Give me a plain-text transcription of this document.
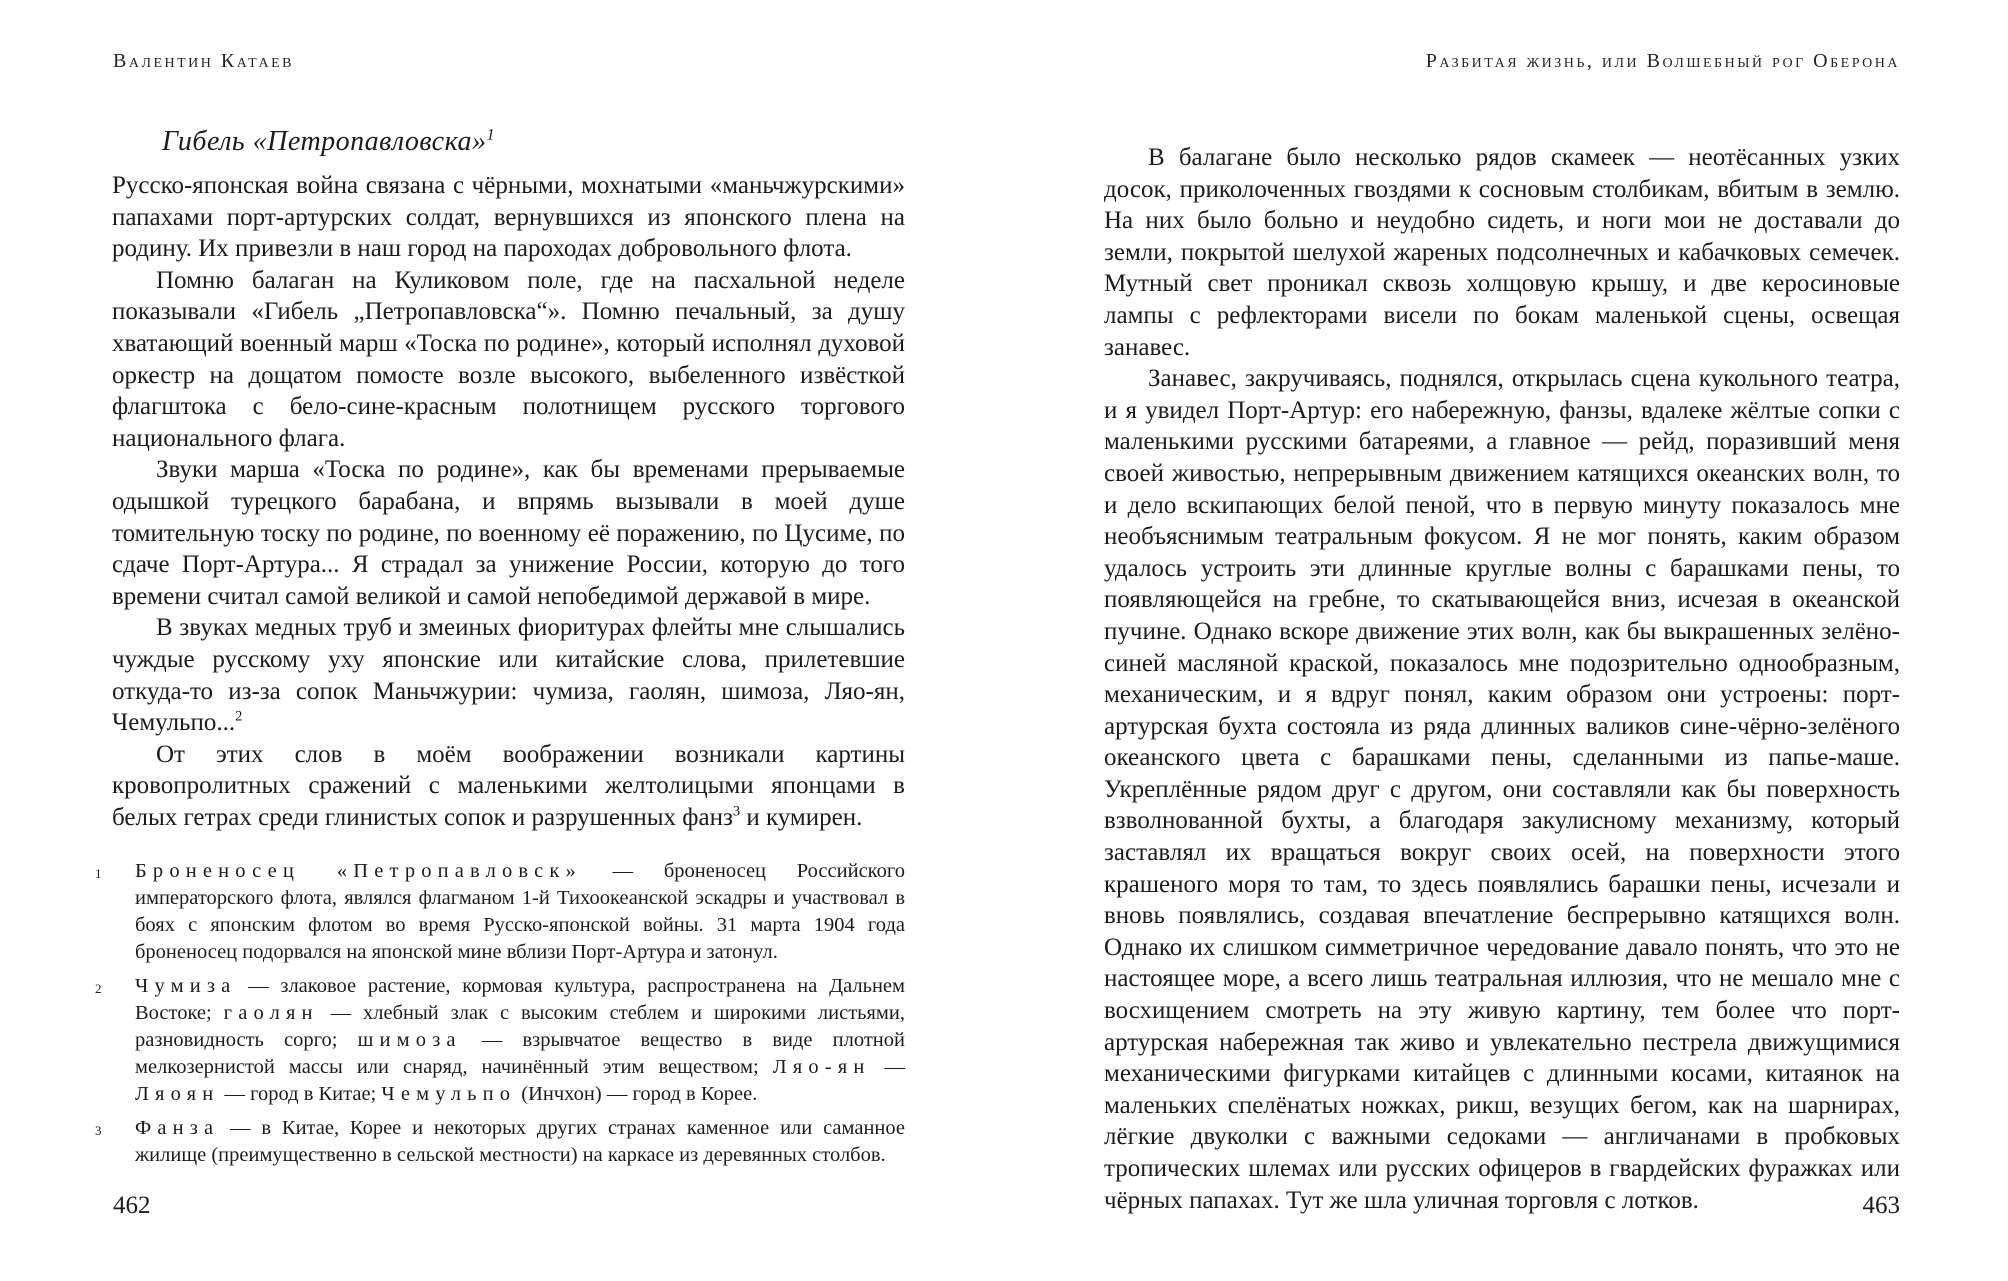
Валентин Катаев
Гибель «Петропавловска»$^1$

Русско-японская война связана с чёрными, мохнатыми «маньчжурскими» папахами порт-артурских солдат, вернувшихся из японского плена на родину. Их привезли в наш город на пароходах добровольного флота.

Помню балаган на Куликовом поле, где на пасхальной неделе показывали «Гибель „Петропавловска“». Помню печальный, за душу хватающий военный марш «Тоска по родине», который исполнял духовой оркестр на дощатом помосте возле высокого, выбеленного извёсткой флагштока с бело-сине-красным полотнищем русского торгового национального флага.

Звуки марша «Тоска по родине», как бы временами прерываемые одышкой турецкого барабана, и впрямь вызывали в моей душе томительную тоску по родине, по военному её поражению, по Цусиме, по сдаче Порт-Артура... Я страдал за унижение России, которую до того времени считал самой великой и самой непобедимой державой в мире.

В звуках медных труб и змеиных фиоритурах флейты мне слышались чуждые русскому уху японские или китайские слова, прилетевшие откуда-то из-за сопок Маньчжурии: чумиза, гаолян, шимоза, Ляо-ян, Чемульпо...$^2$

От этих слов в моём воображении возникали картины кровопролитных сражений с маленькими желтолицыми японцами в белых гетрах среди глинистых сопок и разрушенных фанз$^3$ и кумирен.

1 Броненосец «Петропавловск» — броненосец Российского императорского флота, являлся флагманом 1-й Тихоокеанской эскадры и участвовал в боях с японским флотом во время Русско-японской войны. 31 марта 1904 года броненосец подорвался на японской мине вблизи Порт-Артура и затонул.
2 Чумиза — злаковое растение, кормовая культура, распространена на Дальнем Востоке; гаолян — хлебный злак с высоким стеблем и широкими листьями, разновидность сорго; шимоза — взрывчатое вещество в виде плотной мелкозернистой массы или снаряд, начинённый этим веществом; Ляо-ян — Ляоян — город в Китае; Чемульпо (Инчхон) — город в Корее.
3 Фанза — в Китае, Корее и некоторых других странах каменное или саманное жилище (преимущественно в сельской местности) на каркасе из деревянных столбов.
462
Разбитая жизнь, или Волшебный рог Оберона

В балагане было несколько рядов скамеек — неотёсанных узких досок, приколоченных гвоздями к сосновым столбикам, вбитым в землю. На них было больно и неудобно сидеть, и ноги мои не доставали до земли, покрытой шелухой жареных подсолнечных и кабачковых семечек. Мутный свет проникал сквозь холщовую крышу, и две керосиновые лампы с рефлекторами висели по бокам маленькой сцены, освещая занавес.

Занавес, закручиваясь, поднялся, открылась сцена кукольного театра, и я увидел Порт-Артур: его набережную, фанзы, вдалеке жёлтые сопки с маленькими русскими батареями, а главное — рейд, поразивший меня своей живостью, непрерывным движением катящихся океанских волн, то и дело вскипающих белой пеной, что в первую минуту показалось мне необъяснимым театральным фокусом. Я не мог понять, каким образом удалось устроить эти длинные круглые волны с барашками пены, то появляющейся на гребне, то скатывающейся вниз, исчезая в океанской пучине. Однако вскоре движение этих волн, как бы выкрашенных зелёно-синей масляной краской, показалось мне подозрительно однообразным, механическим, и я вдруг понял, каким образом они устроены: порт-артурская бухта состояла из ряда длинных валиков сине-чёрно-зелёного океанского цвета с барашками пены, сделанными из папье-маше. Укреплённые рядом друг с другом, они составляли как бы поверхность взволнованной бухты, а благодаря закулисному механизму, который заставлял их вращаться вокруг своих осей, на поверхности этого крашеного моря то там, то здесь появлялись барашки пены, исчезали и вновь появлялись, создавая впечатление беспрерывно катящихся волн. Однако их слишком симметричное чередование давало понять, что это не настоящее море, а всего лишь театральная иллюзия, что не мешало мне с восхищением смотреть на эту живую картину, тем более что порт-артурская набережная так живо и увлекательно пестрела движущимися механическими фигурками китайцев с длинными косами, китаянок на маленьких спелёнатых ножках, рикш, везущих бегом, как на шарнирах, лёгкие двуколки с важными седоками — англичанами в пробковых тропических шлемах или русских офицеров в гвардейских фуражках или чёрных папахах. Тут же шла уличная торговля с лотков.	463
